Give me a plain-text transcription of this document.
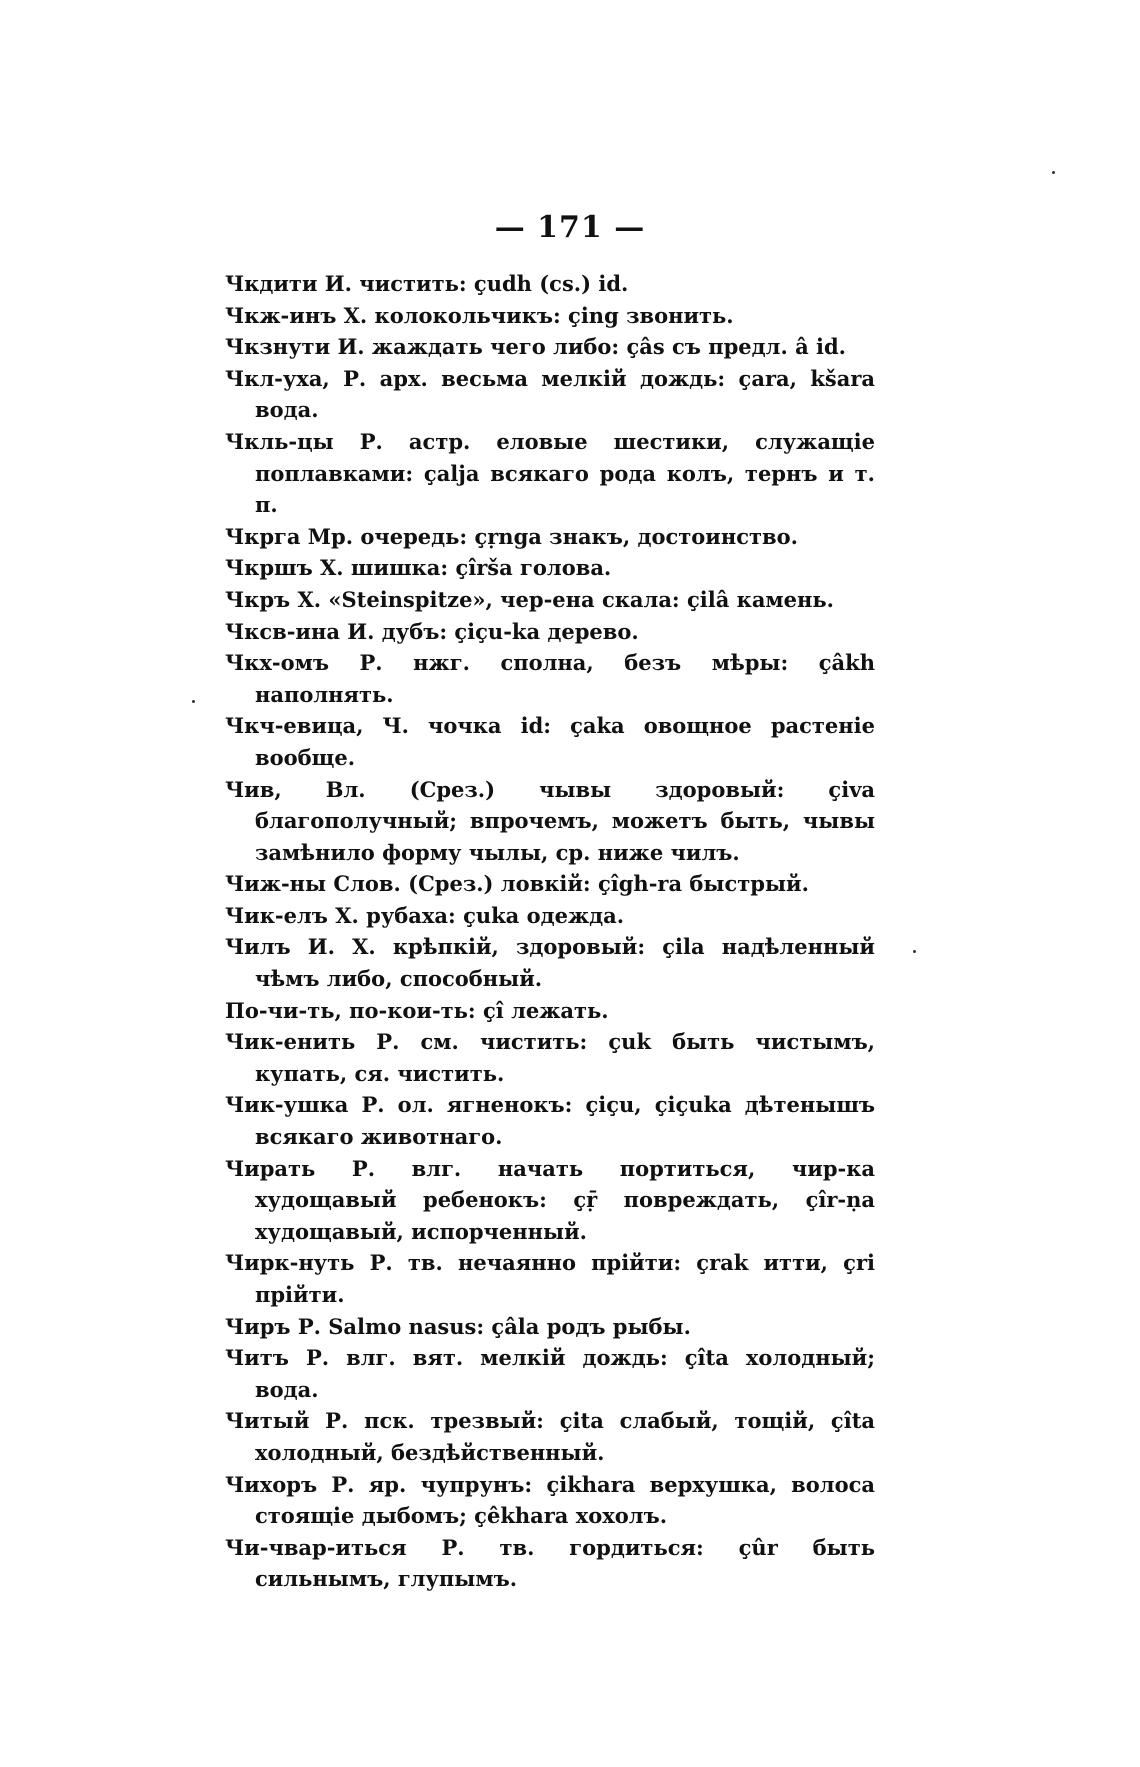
— 171 —

Чкдити И. чистить: çudh (cs.) id.

Чкж-инъ Х. колокольчикъ: çing звонить.

Чкзнути И. жаждать чего либо: çâs съ предл. â id.

Чкл-уха, Р. арх. весьма мелкій дождь: çara, kšara вода.

Чкль-цы Р. астр. еловые шестики, служащіе поплавками: çalja всякаго рода колъ, тернъ и т. п.

Чкрга Мр. очередь: çṛnga знакъ, достоинство.

Чкршъ Х. шишка: çîrša голова.

Чкръ Х. «Steinspitze», чер-ена скала: çilâ камень.

Чксв-ина И. дубъ: çiçu-ka дерево.

Чкх-омъ Р. нжг. сполна, безъ мѣры: çâkh наполнять.

Чкч-евица, Ч. чочка id: çaka овощное растеніе вообще.

Чив, Вл. (Срез.) чывы здоровый: çiva благополучный; впрочемъ, можетъ быть, чывы замѣнило форму чылы, ср. ниже чилъ.

Чиж-ны Слов. (Срез.) ловкій: çîgh-ra быстрый.

Чик-елъ Х. рубаха: çuka одежда.

Чилъ И. Х. крѣпкій, здоровый: çila надѣленный чѣмъ либо, способный.

По-чи-ть, по-кои-ть: çî лежать.

Чик-енить Р. см. чистить: çuk быть чистымъ, купать, ся. чистить.

Чик-ушка Р. ол. ягненокъ: çiçu, çiçuka дѣтенышъ всякаго животнаго.

Чирать Р. влг. начать портиться, чир-ка худощавый ребенокъ: çṝ повреждать, çîr-ṇa худощавый, испорченный.

Чирк-нуть Р. тв. нечаянно прійти: çrak итти, çri прійти.

Чиръ Р. Salmo nasus: çâla родъ рыбы.

Читъ Р. влг. вят. мелкій дождь: çîta холодный; вода.

Читый Р. пск. трезвый: çita слабый, тощій, çîta холодный, бездѣйственный.

Чихоръ Р. яр. чупрунъ: çikhara верхушка, волоса стоящіе дыбомъ; çêkhara хохолъ.

Чи-чвар-иться Р. тв. гордиться: çûr быть сильнымъ, глупымъ.
